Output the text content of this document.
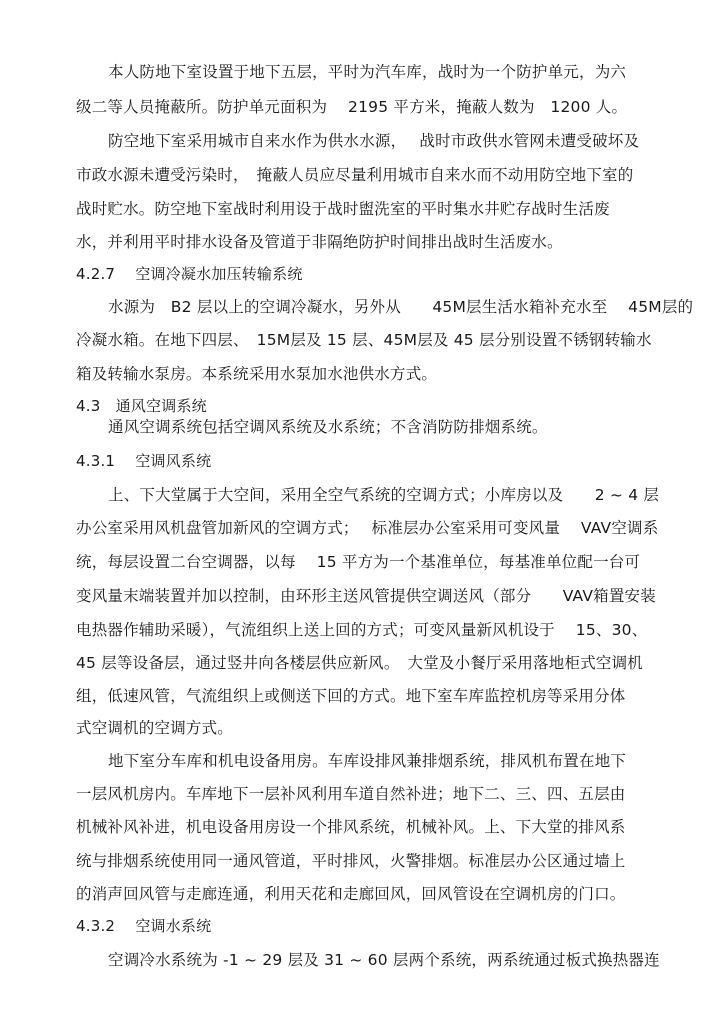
本人防地下室设置于地下五层，平时为汽车库，战时为一个防护单元，为六
级二等人员掩蔽所。防护单元面积为　 2195 平方米，掩蔽人数为　1200 人。
防空地下室采用城市自来水作为供水水源，　 战时市政供水管网未遭受破坏及
市政水源未遭受污染时，　掩蔽人员应尽量利用城市自来水而不动用防空地下室的
战时贮水。防空地下室战时利用设于战时盥洗室的平时集水井贮存战时生活废
水，并利用平时排水设备及管道于非隔绝防护时间排出战时生活废水。
4.2.7　 空调冷凝水加压转输系统
水源为　B2 层以上的空调冷凝水，另外从　　45M层生活水箱补充水至　 45M层的
冷凝水箱。在地下四层、　15M层及 15 层、45M层及 45 层分别设置不锈钢转输水
箱及转输水泵房。本系统采用水泵加水池供水方式。
4.3　通风空调系统
通风空调系统包括空调风系统及水系统；不含消防防排烟系统。
4.3.1　 空调风系统
上、下大堂属于大空间，采用全空气系统的空调方式；小库房以及　　2 ~ 4 层
办公室采用风机盘管加新风的空调方式；　 标准层办公室采用可变风量　 VAV空调系
统，每层设置二台空调器，以每　 15 平方为一个基准单位，每基准单位配一台可
变风量末端装置并加以控制，由环形主送风管提供空调送风（部分　　VAV箱置安装
电热器作辅助采暖），气流组织上送上回的方式；可变风量新风机设于　 15、30、
45 层等设备层，通过竖井向各楼层供应新风。　大堂及小餐厅采用落地柜式空调机
组，低速风管，气流组织上或侧送下回的方式。地下室车库监控机房等采用分体
式空调机的空调方式。
地下室分车库和机电设备用房。车库设排风兼排烟系统，排风机布置在地下
一层风机房内。车库地下一层补风利用车道自然补进；地下二、三、四、五层由
机械补风补进，机电设备用房设一个排风系统，机械补风。上、下大堂的排风系
统与排烟系统使用同一通风管道，平时排风，火警排烟。标准层办公区通过墙上
的消声回风管与走廊连通，利用天花和走廊回风，回风管设在空调机房的门口。
4.3.2　 空调水系统
空调冷水系统为 -1 ~ 29 层及 31 ~ 60 层两个系统，两系统通过板式换热器连
